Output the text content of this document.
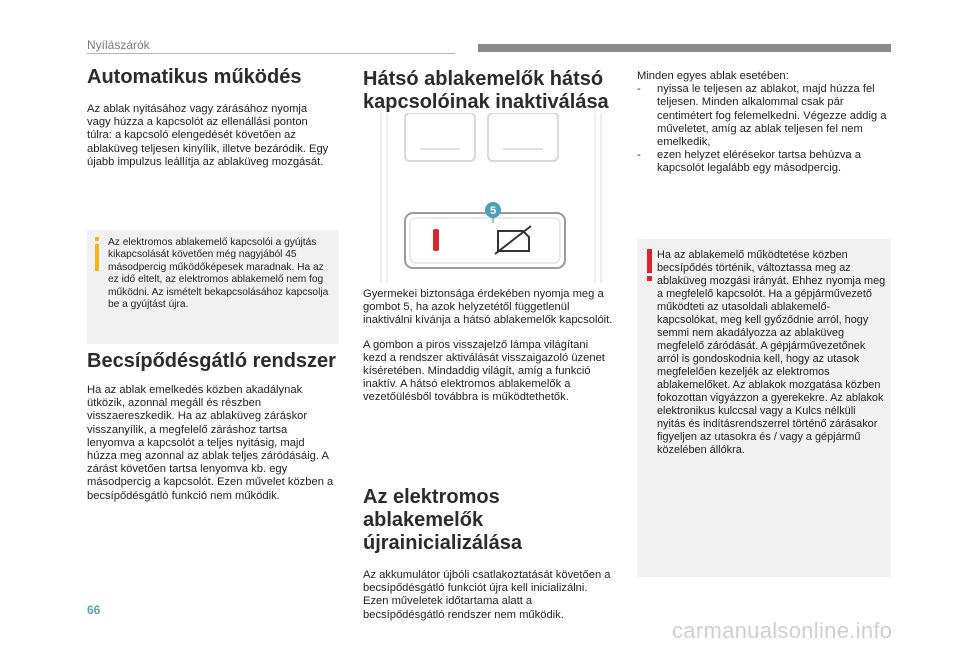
Nyílászárók
Automatikus működés

Az ablak nyitásához vagy zárásához nyomja vagy húzza a kapcsolót az ellenállási ponton túlra: a kapcsoló elengedését követően az ablaküveg teljesen kinyílik, illetve bezáródik. Egy újabb impulzus leállítja az ablaküveg mozgását.

Az elektromos ablakemelő kapcsolói a gyújtás kikapcsolását követően még nagyjából 45 másodpercig működőképesek maradnak. Ha az ez idő eltelt, az elektromos ablakemelő nem fog működni. Az ismételt bekapcsolásához kapcsolja be a gyújtást újra.

Becsípődésgátló rendszer

Ha az ablak emelkedés közben akadálynak ütközik, azonnal megáll és részben visszaereszkedik. Ha az ablaküveg záráskor visszanyílik, a megfelelő záráshoz tartsa lenyomva a kapcsolót a teljes nyitásig, majd húzza meg azonnal az ablak teljes záródásáig. A zárást követően tartsa lenyomva kb. egy másodpercig a kapcsolót. Ezen művelet közben a becsípődésgátló funkció nem működik.

Hátsó ablakemelők hátsó kapcsolóinak inaktiválása
5

Gyermekei biztonsága érdekében nyomja meg a gombot 5, ha azok helyzetétől függetlenül inaktiválni kívánja a hátsó ablakemelők kapcsolóit.

A gombon a piros visszajelző lámpa világítani kezd a rendszer aktiválását visszaigazoló üzenet kíséretében. Mindaddig világít, amíg a funkció inaktív. A hátsó elektromos ablakemelők a vezetőülésből továbbra is működtethetők.

Az elektromos ablakemelők újrainicializálása

Az akkumulátor újbóli csatlakoztatását követően a becsípődésgátló funkciót újra kell inicializálni. Ezen műveletek időtartama alatt a becsípődésgátló rendszer nem működik.

Minden egyes ablak esetében:

- nyissa le teljesen az ablakot, majd húzza fel teljesen. Minden alkalommal csak pár centimétert fog felemelkedni. Végezze addig a műveletet, amíg az ablak teljesen fel nem emelkedik,
- ezen helyzet elérésekor tartsa behúzva a kapcsolót legalább egy másodpercig.

Ha az ablakemelő működtetése közben becsípődés történik, változtassa meg az ablaküveg mozgási irányát. Ehhez nyomja meg a megfelelő kapcsolót. Ha a gépjárművezető működteti az utasoldali ablakemelő-kapcsolókat, meg kell győződnie arról, hogy semmi nem akadályozza az ablaküveg megfelelő záródását. A gépjárművezetőnek arról is gondoskodnia kell, hogy az utasok megfelelően kezeljék az elektromos ablakemelőket. Az ablakok mozgatása közben fokozottan vigyázzon a gyerekekre. Az ablakok elektronikus kulccsal vagy a Kulcs nélküli nyitás és indításrendszerrel történő zárásakor figyeljen az utasokra és / vagy a gépjármű közelében állókra.

66
carmanualsonline.info
